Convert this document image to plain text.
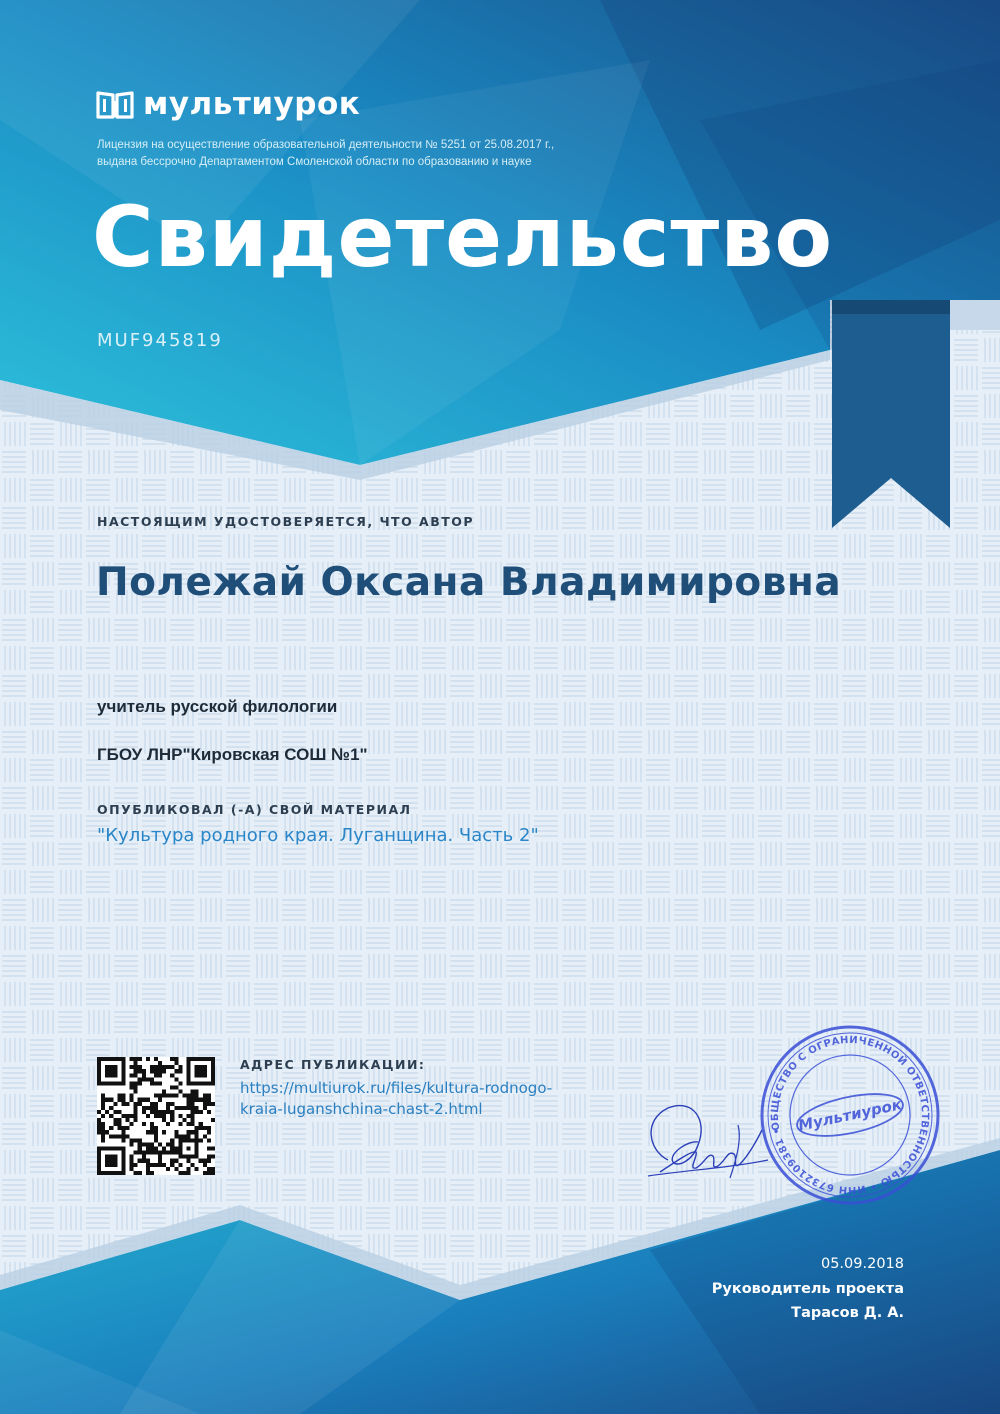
мультиурок
Лицензия на осуществление образовательной деятельности № 5251 от 25.08.2017 г.,
выдана бессрочно Департаментом Смоленской области по образованию и науке
Свидетельство
MUF945819
НАСТОЯЩИМ УДОСТОВЕРЯЕТСЯ, ЧТО АВТОР
Полежай Оксана Владимировна
учитель русской филологии
ГБОУ ЛНР"Кировская СОШ №1"
ОПУБЛИКОВАЛ (-А) СВОЙ МАТЕРИАЛ
"Культура родного края. Луганщина. Часть 2"
АДРЕС ПУБЛИКАЦИИ:
https://multiurok.ru/files/kultura-rodnogo-
kraia-luganshchina-chast-2.html
ОБЩЕСТВО С ОГРАНИЧЕННОЙ ОТВЕТСТВЕННОСТЬЮ • ИНН 6732109381 • Мультиурок
05.09.2018
Руководитель проекта
Тарасов Д. А.
